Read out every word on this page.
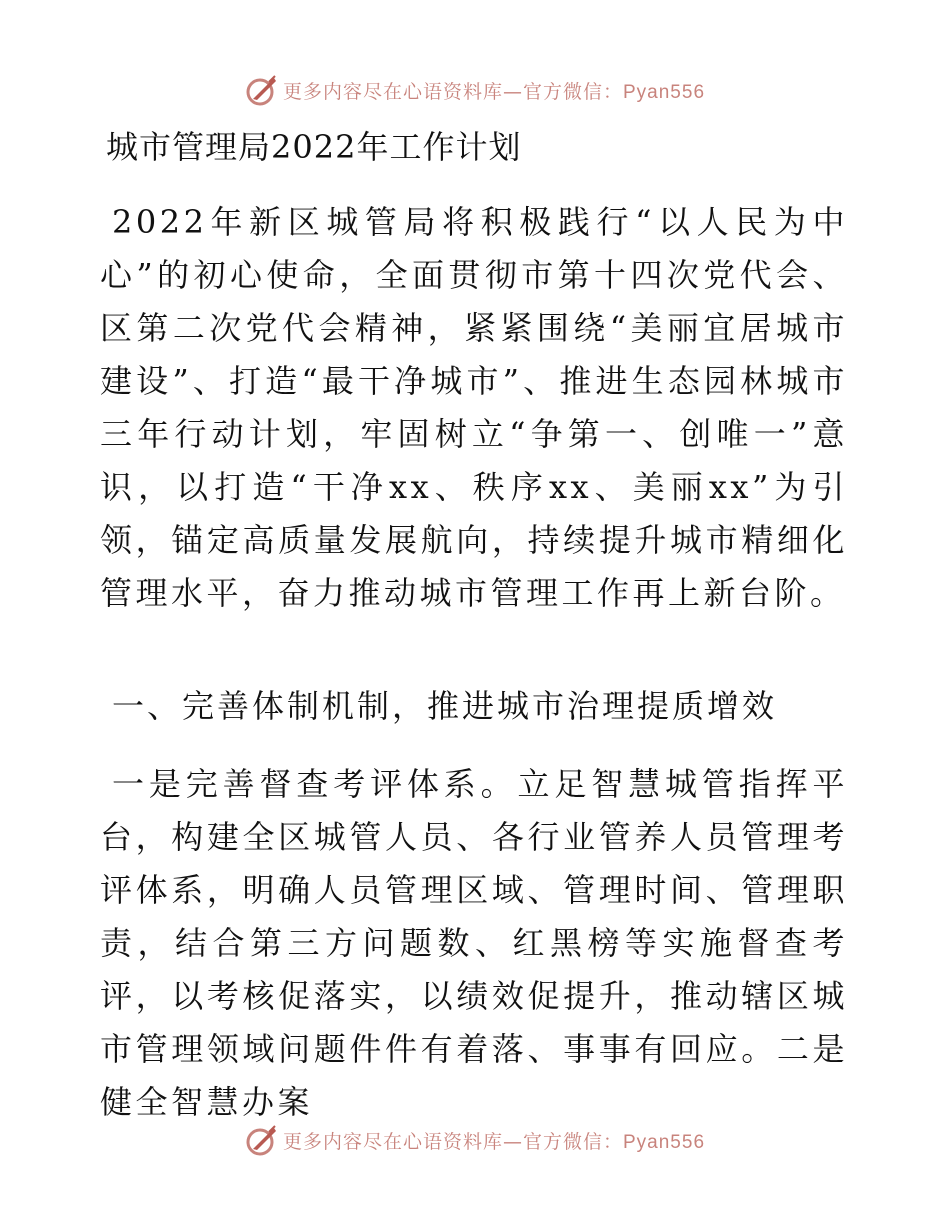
更多内容尽在心语资料库—官方微信：Pyan556
城市管理局2022年工作计划

2022年新区城管局将积极践行“以人民为中心”的初心使命，全面贯彻市第十四次党代会、区第二次党代会精神，紧紧围绕“美丽宜居城市建设”、打造“最干净城市”、推进生态园林城市三年行动计划，牢固树立“争第一、创唯一”意识，以打造“干净xx、秩序xx、美丽xx”为引领，锚定高质量发展航向，持续提升城市精细化管理水平，奋力推动城市管理工作再上新台阶。

一、完善体制机制，推进城市治理提质增效

一是完善督查考评体系。立足智慧城管指挥平台，构建全区城管人员、各行业管养人员管理考评体系，明确人员管理区域、管理时间、管理职责，结合第三方问题数、红黑榜等实施督查考评，以考核促落实，以绩效促提升，推动辖区城市管理领域问题件件有着落、事事有回应。二是健全智慧办案

更多内容尽在心语资料库—官方微信：Pyan556
